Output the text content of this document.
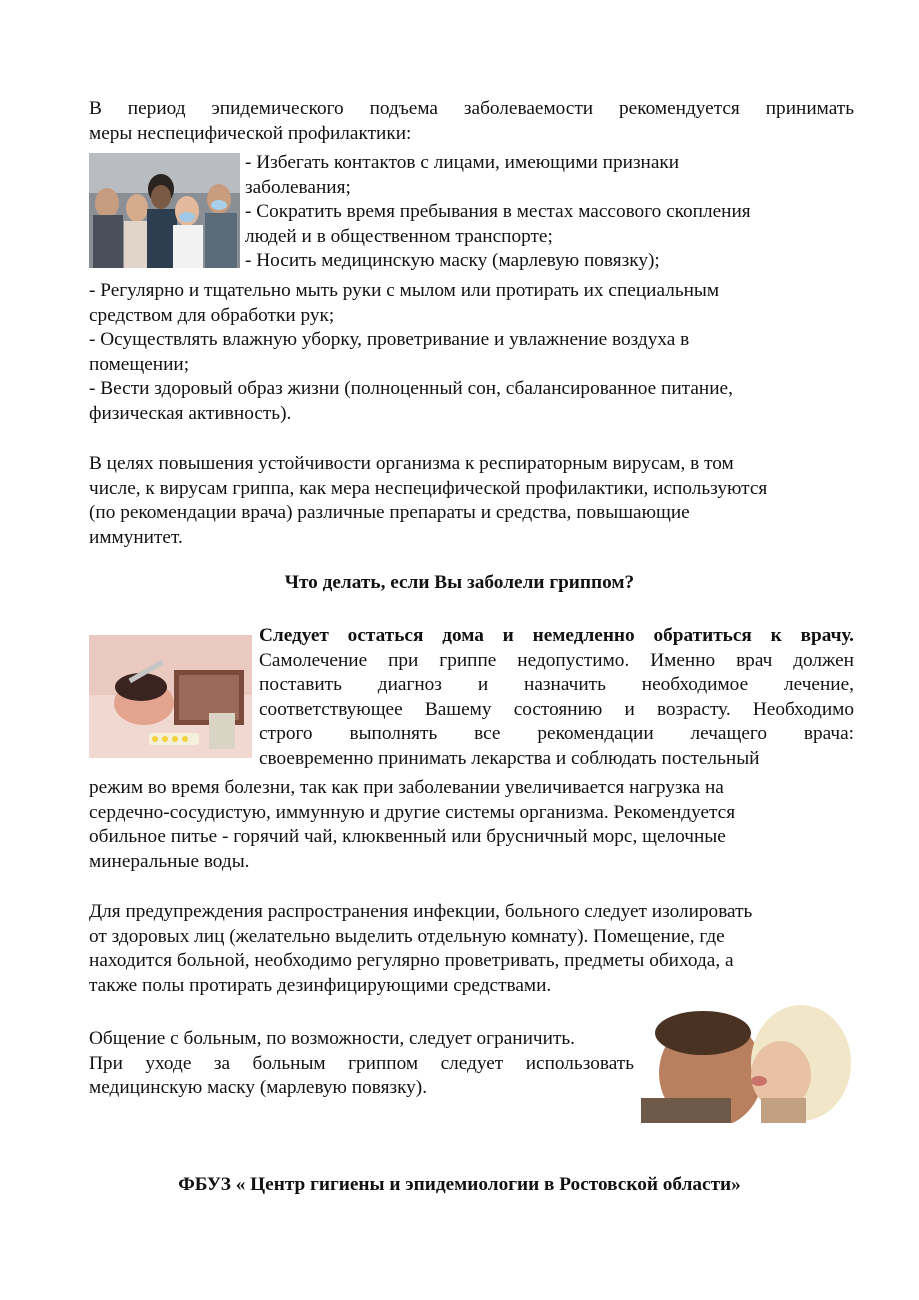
В период эпидемического подъема заболеваемости рекомендуется принимать
меры неспецифической профилактики:
- Избегать контактов с лицами, имеющими признаки
заболевания;
- Сократить время пребывания в местах массового скопления
людей и в общественном транспорте;
- Носить медицинскую маску (марлевую повязку);
- Регулярно и тщательно мыть руки с мылом или протирать их специальным
средством для обработки рук;
- Осуществлять влажную уборку, проветривание и увлажнение воздуха в
помещении;
- Вести здоровый образ жизни (полноценный сон, сбалансированное питание,
физическая активность).
В целях повышения устойчивости организма к респираторным вирусам, в том
числе, к вирусам гриппа, как мера неспецифической профилактики, используются
(по рекомендации врача) различные препараты и средства, повышающие
иммунитет.
Что делать, если Вы заболели гриппом?
Следует остаться дома и немедленно обратиться к врачу.
Самолечение при гриппе недопустимо. Именно врач должен
поставить диагноз и назначить необходимое лечение,
соответствующее Вашему состоянию и возрасту. Необходимо
строго выполнять все рекомендации лечащего врача:
своевременно принимать лекарства и соблюдать постельный
режим во время болезни, так как при заболевании увеличивается нагрузка на
сердечно-сосудистую, иммунную и другие системы организма. Рекомендуется
обильное питье - горячий чай, клюквенный или брусничный морс, щелочные
минеральные воды.
Для предупреждения распространения инфекции, больного следует изолировать
от здоровых лиц (желательно выделить отдельную комнату). Помещение, где
находится больной, необходимо регулярно проветривать, предметы обихода, а
также полы протирать дезинфицирующими средствами.
Общение с больным, по возможности, следует ограничить.
При уходе за больным гриппом следует использовать
медицинскую маску (марлевую повязку).
ФБУЗ « Центр гигиены и эпидемиологии в Ростовской области»
